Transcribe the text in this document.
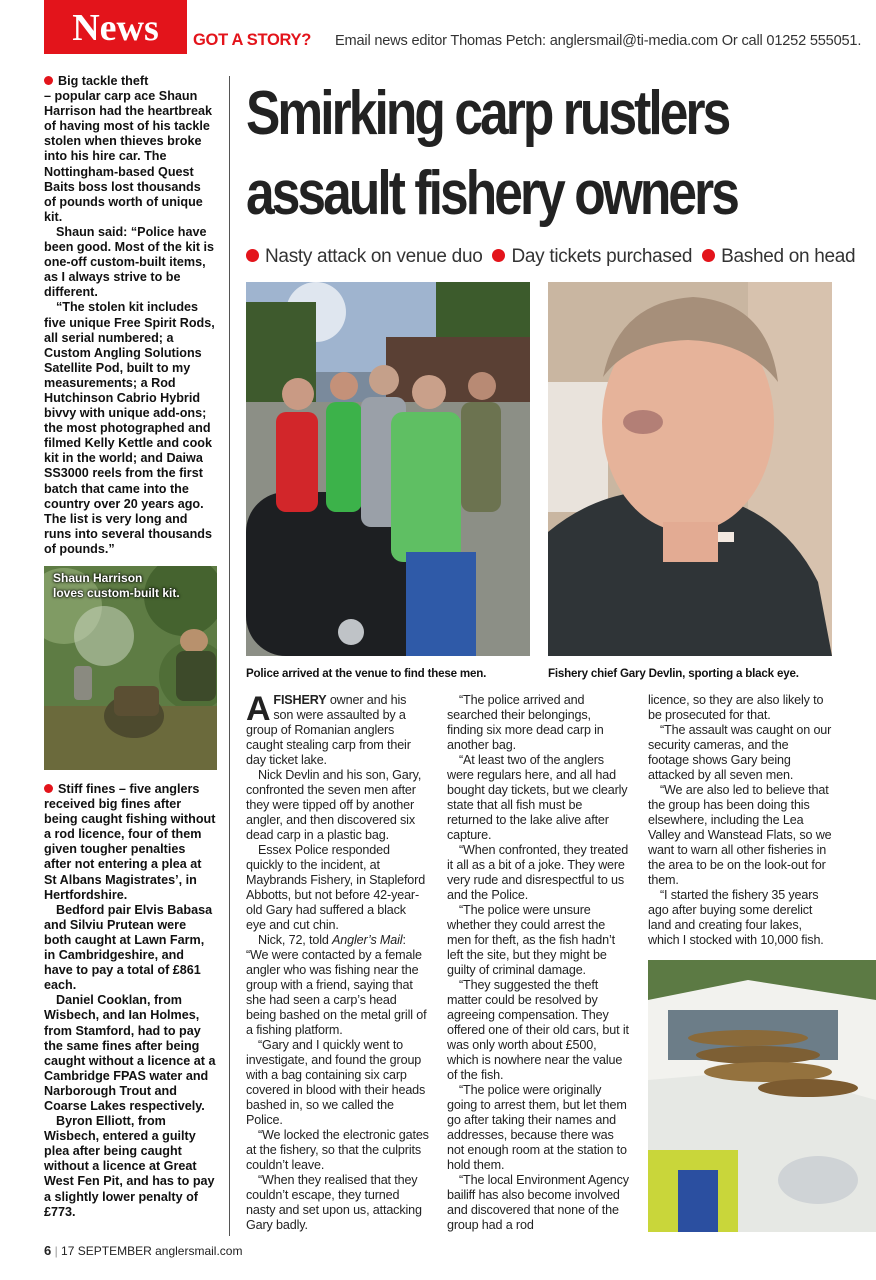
News	GOT A STORY? Email news editor Thomas Petch: anglersmail@ti-media.com Or call 01252 555051.

Big tackle theft

– popular carp ace Shaun Harrison had the heartbreak of having most of his tackle stolen when thieves broke into his hire car. The Nottingham-based Quest Baits boss lost thousands of pounds worth of unique kit.

Shaun said: “Police have been good. Most of the kit is one-off custom-built items, as I always strive to be different.

“The stolen kit includes five unique Free Spirit Rods, all serial numbered; a Custom Angling Solutions Satellite Pod, built to my measurements; a Rod Hutchinson Cabrio Hybrid bivvy with unique add-ons; the most photographed and filmed Kelly Kettle and cook kit in the world; and Daiwa SS3000 reels from the first batch that came into the country over 20 years ago. The list is very long and runs into several thousands of pounds.”

Shaun Harrison
loves custom-built kit.

Stiff fines – five anglers received big fines after being caught fishing without a rod licence, four of them given tougher penalties after not entering a plea at St Albans Magistrates’, in Hertfordshire.

Bedford pair Elvis Babasa and Silviu Prutean were both caught at Lawn Farm, in Cambridgeshire, and have to pay a total of £861 each.

Daniel Cooklan, from Wisbech, and Ian Holmes, from Stamford, had to pay the same fines after being caught without a licence at a Cambridge FPAS water and Narborough Trout and Coarse Lakes respectively.

Byron Elliott, from Wisbech, entered a guilty plea after being caught without a licence at Great West Fen Pit, and has to pay a slightly lower penalty of £773.

Smirking carp rustlers
assault fishery owners
Nasty attack on venue duo Day tickets purchased Bashed on head
Police arrived at the venue to find these men.	Fishery chief Gary Devlin, sporting a black eye.

AFISHERY owner and his son were assaulted by a group of Romanian anglers caught stealing carp from their day ticket lake.

Nick Devlin and his son, Gary, confronted the seven men after they were tipped off by another angler, and then discovered six dead carp in a plastic bag.

Essex Police responded quickly to the incident, at Maybrands Fishery, in Stapleford Abbotts, but not before 42-year-old Gary had suffered a black eye and cut chin.

Nick, 72, told Angler’s Mail: “We were contacted by a female angler who was fishing near the group with a friend, saying that she had seen a carp’s head being bashed on the metal grill of a fishing platform.

“Gary and I quickly went to investigate, and found the group with a bag containing six carp covered in blood with their heads bashed in, so we called the Police.

“We locked the electronic gates at the fishery, so that the culprits couldn’t leave.

“When they realised that they couldn’t escape, they turned nasty and set upon us, attacking Gary badly.

“The police arrived and searched their belongings, finding six more dead carp in another bag.

“At least two of the anglers were regulars here, and all had bought day tickets, but we clearly state that all fish must be returned to the lake alive after capture.

“When confronted, they treated it all as a bit of a joke. They were very rude and disrespectful to us and the Police.

“The police were unsure whether they could arrest the men for theft, as the fish hadn’t left the site, but they might be guilty of criminal damage.

“They suggested the theft matter could be resolved by agreeing compensation. They offered one of their old cars, but it was only worth about £500, which is nowhere near the value of the fish.

“The police were originally going to arrest them, but let them go after taking their names and addresses, because there was not enough room at the station to hold them.

“The local Environment Agency bailiff has also become involved and discovered that none of the group had a rod

licence, so they are also likely to be prosecuted for that.

“The assault was caught on our security cameras, and the footage shows Gary being attacked by all seven men.

“We are also led to believe that the group has been doing this elsewhere, including the Lea Valley and Wanstead Flats, so we want to warn all other fisheries in the area to be on the look-out for them.

“I started the fishery 35 years ago after buying some derelict land and creating four lakes, which I stocked with 10,000 fish.

6 | 17 SEPTEMBER anglersmail.com
